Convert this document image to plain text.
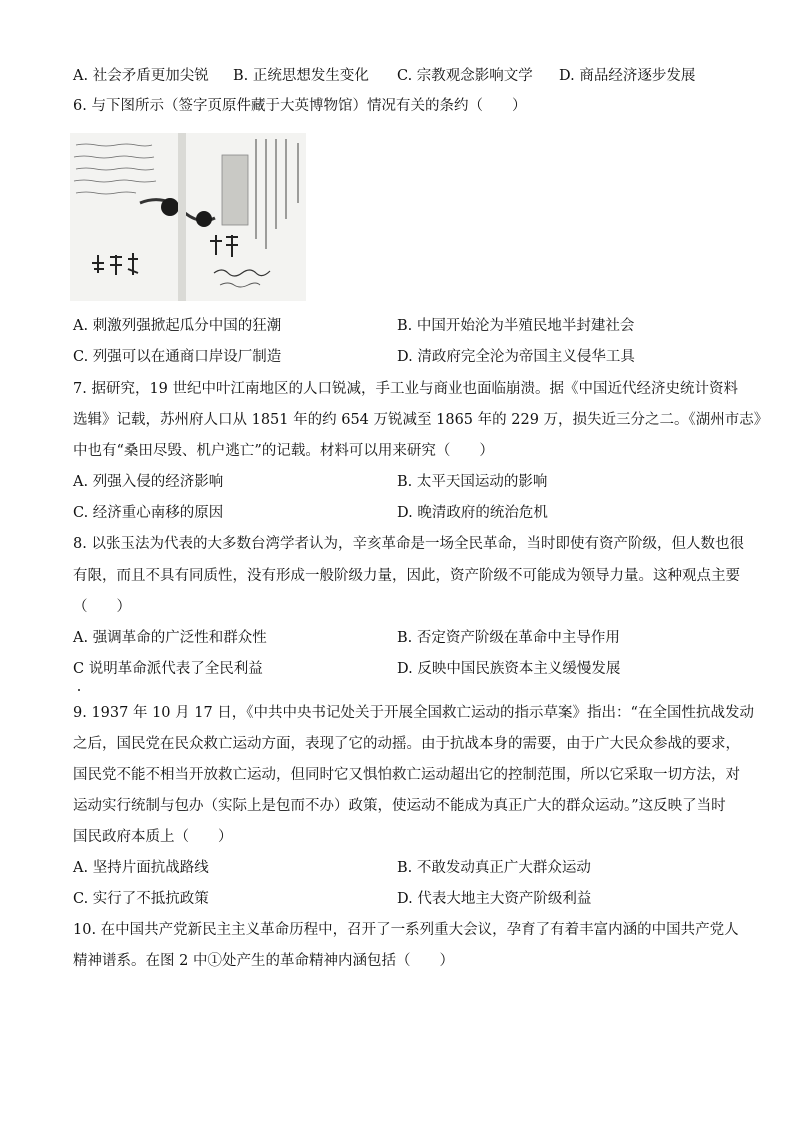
A. 社会矛盾更加尖锐 B. 正统思想发生变化 C. 宗教观念影响文学 D. 商品经济逐步发展
6. 与下图所示（签字页原件藏于大英博物馆）情况有关的条约（　　）
A. 刺激列强掀起瓜分中国的狂潮	B. 中国开始沦为半殖民地半封建社会
C. 列强可以在通商口岸设厂制造	D. 清政府完全沦为帝国主义侵华工具
7. 据研究，19 世纪中叶江南地区的人口锐减，手工业与商业也面临崩溃。据《中国近代经济史统计资料
选辑》记载，苏州府人口从 1851 年的约 654 万锐减至 1865 年的 229 万，损失近三分之二。《湖州市志》
中也有“桑田尽毁、机户逃亡”的记载。材料可以用来研究（　　）
A. 列强入侵的经济影响	B. 太平天国运动的影响
C. 经济重心南移的原因	D. 晚清政府的统治危机
8. 以张玉法为代表的大多数台湾学者认为，辛亥革命是一场全民革命，当时即使有资产阶级，但人数也很
有限，而且不具有同质性，没有形成一般阶级力量，因此，资产阶级不可能成为领导力量。这种观点主要
（　　）
A. 强调革命的广泛性和群众性	B. 否定资产阶级在革命中主导作用
C 说明革命派代表了全民利益	D. 反映中国民族资本主义缓慢发展
9. 1937 年 10 月 17 日，《中共中央书记处关于开展全国救亡运动的指示草案》指出：“在全国性抗战发动
之后，国民党在民众救亡运动方面，表现了它的动摇。由于抗战本身的需要，由于广大民众参战的要求，
国民党不能不相当开放救亡运动，但同时它又惧怕救亡运动超出它的控制范围，所以它采取一切方法，对
运动实行统制与包办（实际上是包而不办）政策，使运动不能成为真正广大的群众运动。”这反映了当时
国民政府本质上（　　）
A. 坚持片面抗战路线	B. 不敢发动真正广大群众运动
C. 实行了不抵抗政策	D. 代表大地主大资产阶级利益
10. 在中国共产党新民主主义革命历程中，召开了一系列重大会议，孕育了有着丰富内涵的中国共产党人
精神谱系。在图 2 中①处产生的革命精神内涵包括（　　）
